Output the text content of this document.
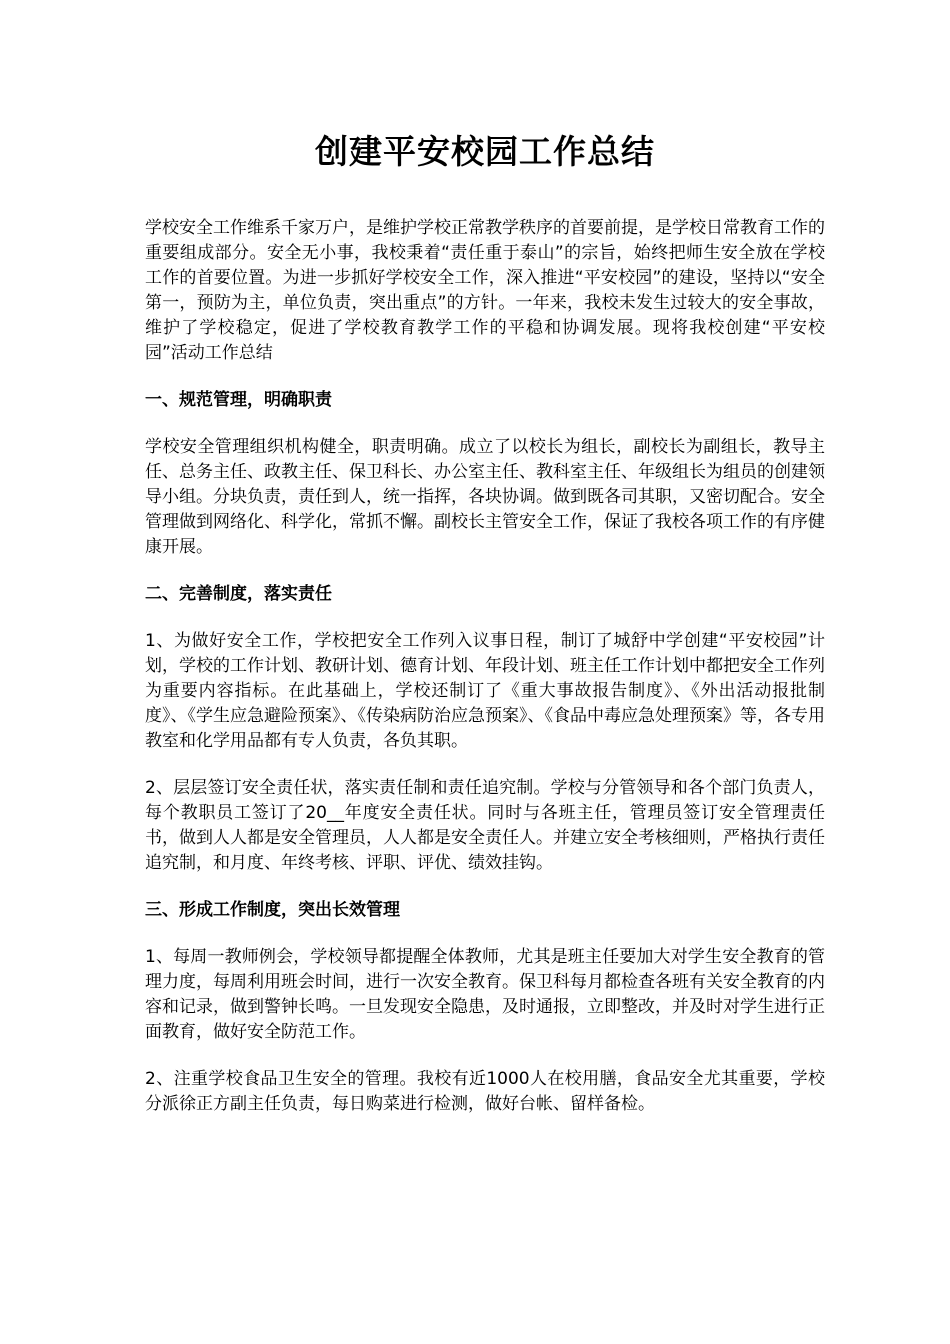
创建平安校园工作总结

学校安全工作维系千家万户，是维护学校正常教学秩序的首要前提，是学校日常教育工作的重要组成部分。安全无小事，我校秉着“责任重于泰山”的宗旨，始终把师生安全放在学校工作的首要位置。为进一步抓好学校安全工作，深入推进“平安校园”的建设，坚持以“安全第一，预防为主，单位负责，突出重点”的方针。一年来，我校未发生过较大的安全事故，维护了学校稳定，促进了学校教育教学工作的平稳和协调发展。现将我校创建“平安校园”活动工作总结

一、规范管理，明确职责

学校安全管理组织机构健全，职责明确。成立了以校长为组长，副校长为副组长，教导主任、总务主任、政教主任、保卫科长、办公室主任、教科室主任、年级组长为组员的创建领导小组。分块负责，责任到人，统一指挥，各块协调。做到既各司其职，又密切配合。安全管理做到网络化、科学化，常抓不懈。副校长主管安全工作，保证了我校各项工作的有序健康开展。

二、完善制度，落实责任

1、为做好安全工作，学校把安全工作列入议事日程，制订了城舒中学创建“平安校园”计划，学校的工作计划、教研计划、德育计划、年段计划、班主任工作计划中都把安全工作列为重要内容指标。在此基础上，学校还制订了《重大事故报告制度》、《外出活动报批制度》、《学生应急避险预案》、《传染病防治应急预案》、《食品中毒应急处理预案》等，各专用教室和化学用品都有专人负责，各负其职。

2、层层签订安全责任状，落实责任制和责任追究制。学校与分管领导和各个部门负责人，每个教职员工签订了20__年度安全责任状。同时与各班主任，管理员签订安全管理责任书，做到人人都是安全管理员，人人都是安全责任人。并建立安全考核细则，严格执行责任追究制，和月度、年终考核、评职、评优、绩效挂钩。

三、形成工作制度，突出长效管理

1、每周一教师例会，学校领导都提醒全体教师，尤其是班主任要加大对学生安全教育的管理力度，每周利用班会时间，进行一次安全教育。保卫科每月都检查各班有关安全教育的内容和记录，做到警钟长鸣。一旦发现安全隐患，及时通报，立即整改，并及时对学生进行正面教育，做好安全防范工作。

2、注重学校食品卫生安全的管理。我校有近1000人在校用膳，食品安全尤其重要，学校分派徐正方副主任负责，每日购菜进行检测，做好台帐、留样备检。
